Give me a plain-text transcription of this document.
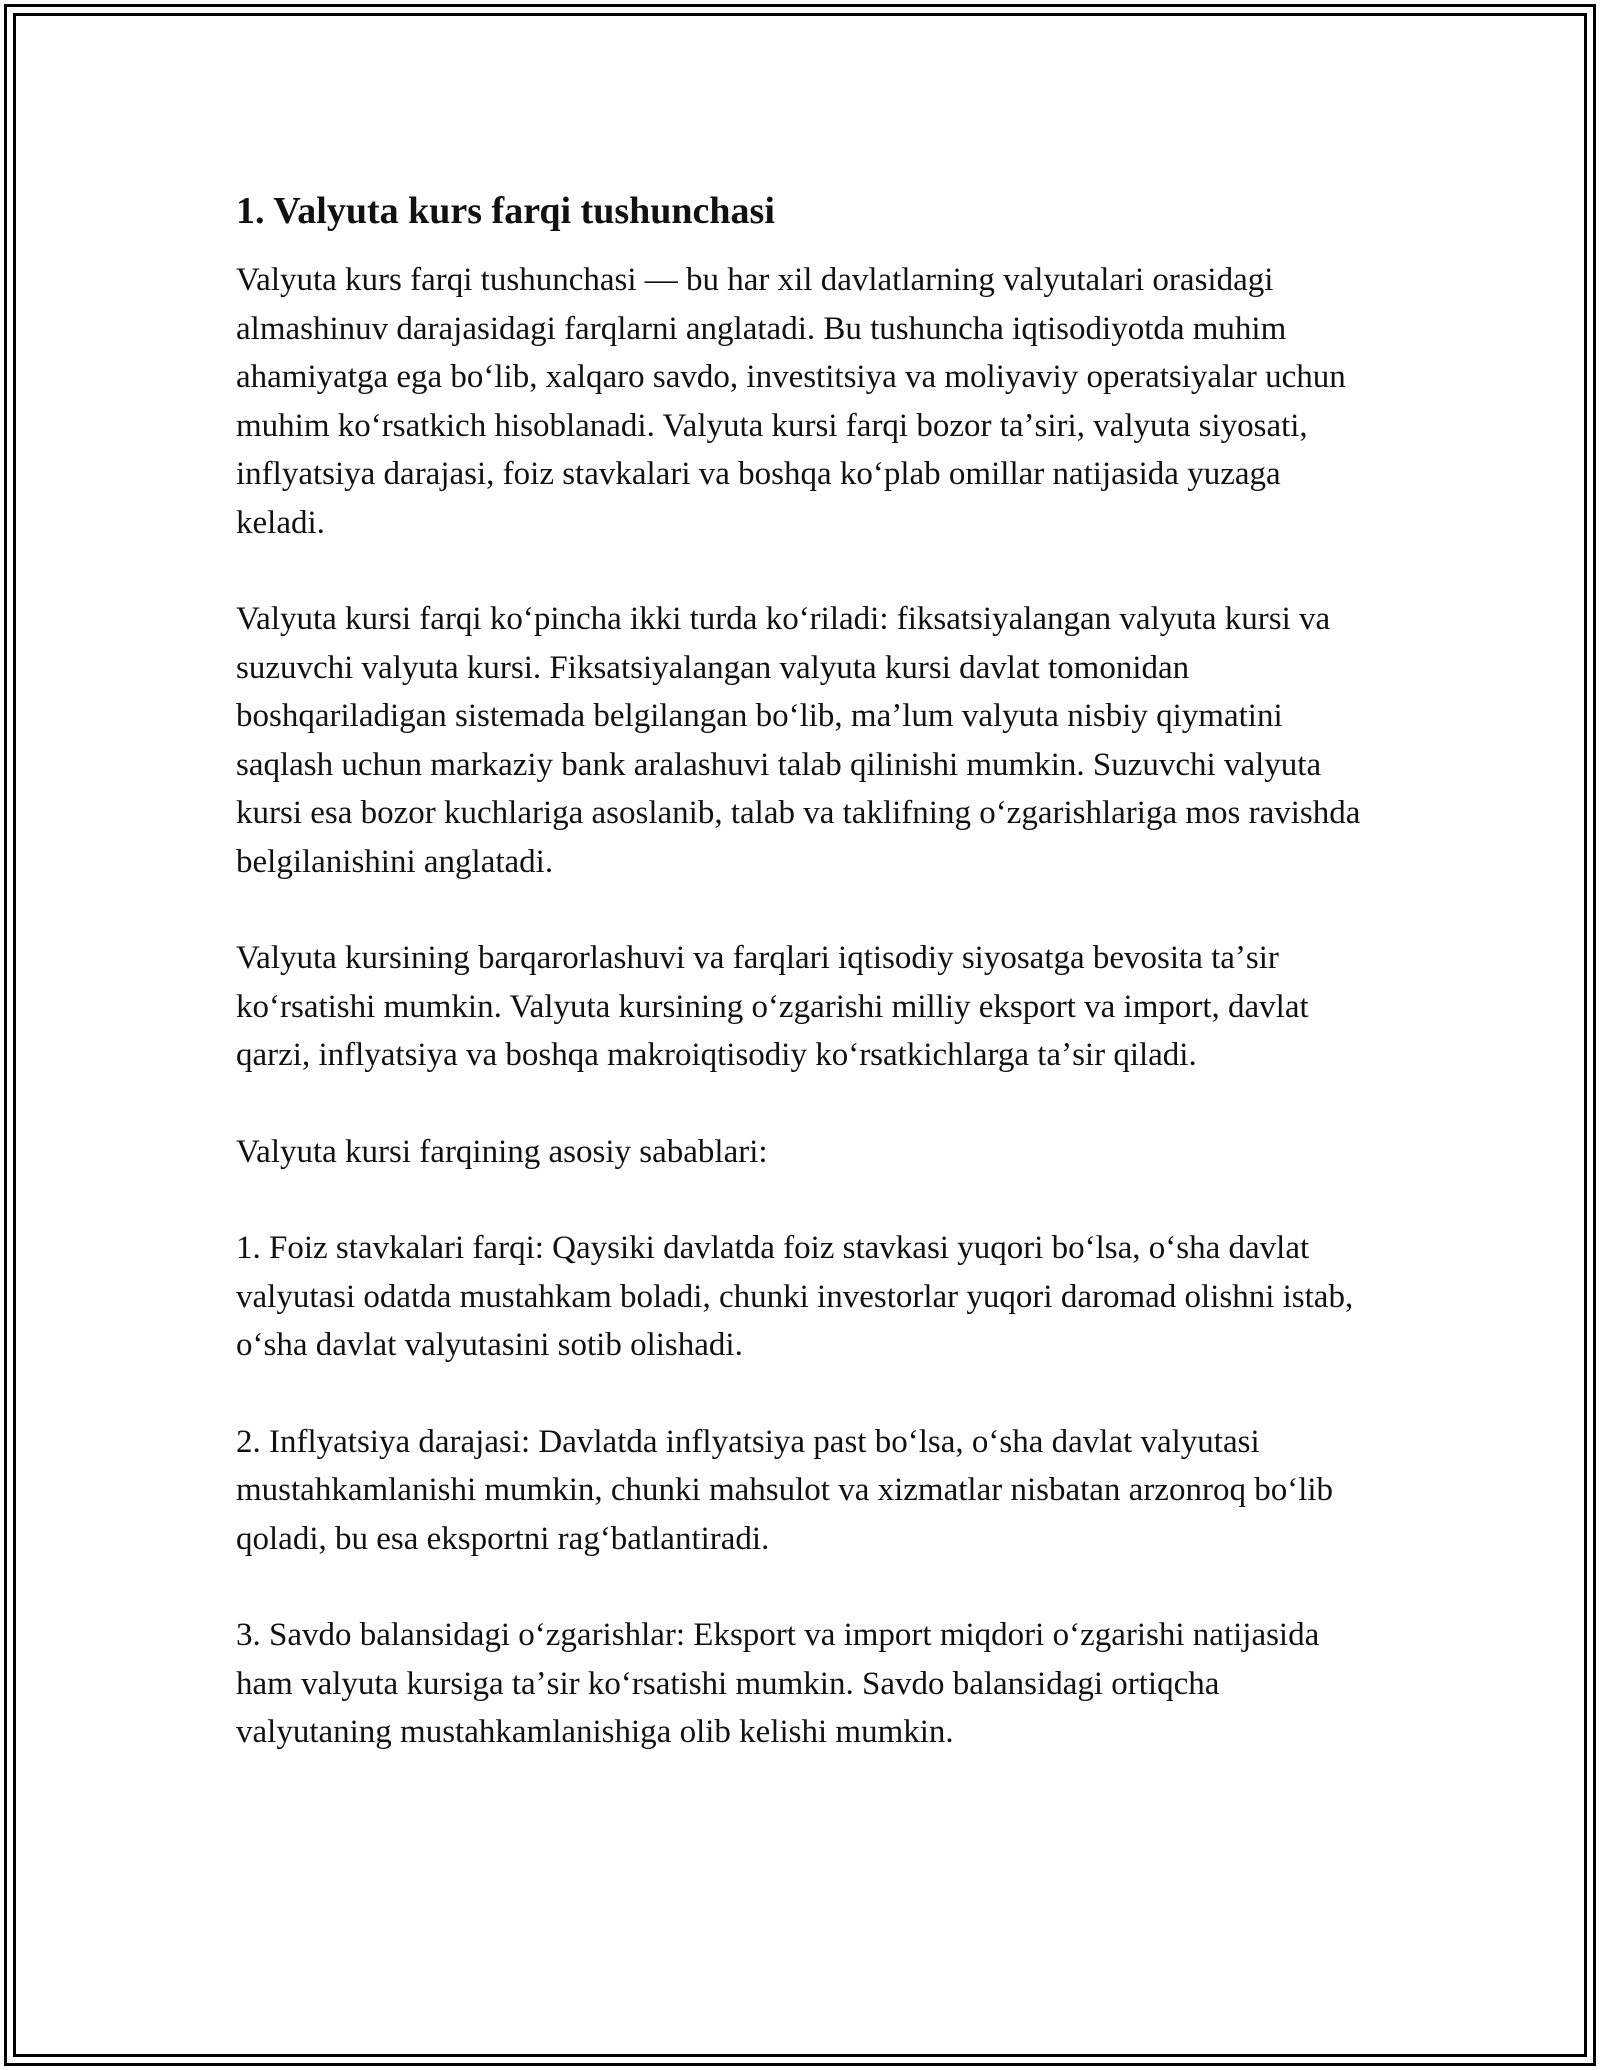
1. Valyuta kurs farqi tushunchasi

Valyuta kurs farqi tushunchasi — bu har xil davlatlarning valyutalari orasidagi almashinuv darajasidagi farqlarni anglatadi. Bu tushuncha iqtisodiyotda muhim ahamiyatga ega boʻlib, xalqaro savdo, investitsiya va moliyaviy operatsiyalar uchun muhim koʻrsatkich hisoblanadi. Valyuta kursi farqi bozor taʼsiri, valyuta siyosati, inflyatsiya darajasi, foiz stavkalari va boshqa koʻplab omillar natijasida yuzaga keladi.

Valyuta kursi farqi koʻpincha ikki turda koʻriladi: fiksatsiyalangan valyuta kursi va suzuvchi valyuta kursi. Fiksatsiyalangan valyuta kursi davlat tomonidan boshqariladigan sistemada belgilangan boʻlib, maʼlum valyuta nisbiy qiymatini saqlash uchun markaziy bank aralashuvi talab qilinishi mumkin. Suzuvchi valyuta kursi esa bozor kuchlariga asoslanib, talab va taklifning oʻzgarishlariga mos ravishda belgilanishini anglatadi.

Valyuta kursining barqarorlashuvi va farqlari iqtisodiy siyosatga bevosita taʼsir koʻrsatishi mumkin. Valyuta kursining oʻzgarishi milliy eksport va import, davlat qarzi, inflyatsiya va boshqa makroiqtisodiy koʻrsatkichlarga taʼsir qiladi.

Valyuta kursi farqining asosiy sabablari:

1. Foiz stavkalari farqi: Qaysiki davlatda foiz stavkasi yuqori boʻlsa, oʻsha davlat valyutasi odatda mustahkam boladi, chunki investorlar yuqori daromad olishni istab, oʻsha davlat valyutasini sotib olishadi.

2. Inflyatsiya darajasi: Davlatda inflyatsiya past boʻlsa, oʻsha davlat valyutasi mustahkamlanishi mumkin, chunki mahsulot va xizmatlar nisbatan arzonroq boʻlib qoladi, bu esa eksportni ragʻbatlantiradi.

3. Savdo balansidagi oʻzgarishlar: Eksport va import miqdori oʻzgarishi natijasida ham valyuta kursiga taʼsir koʻrsatishi mumkin. Savdo balansidagi ortiqcha valyutaning mustahkamlanishiga olib kelishi mumkin.
